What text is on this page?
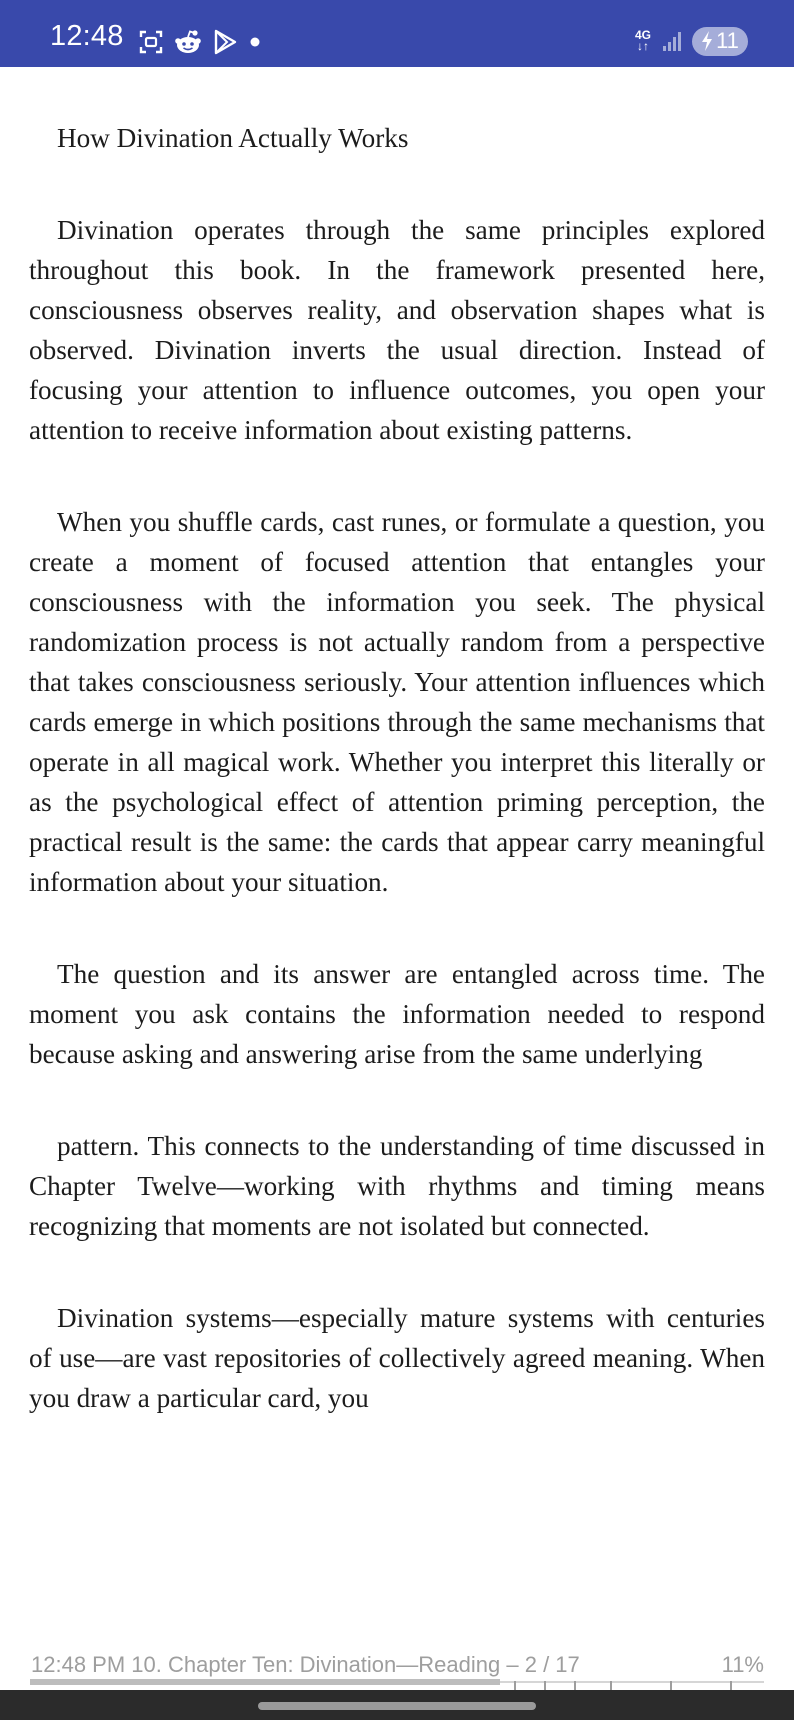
12:48	4G
↓↑	11
How Divination Actually Works

Divination operates through the same principles explored throughout this book. In the framework presented here, consciousness observes reality, and observation shapes what is observed. Divination inverts the usual direction. Instead of focusing your attention to influence outcomes, you open your attention to receive information about existing patterns.

When you shuffle cards, cast runes, or formulate a question, you create a moment of focused attention that entangles your consciousness with the information you seek. The physical randomization process is not actually random from a perspective that takes consciousness seriously. Your attention influences which cards emerge in which positions through the same mechanisms that operate in all magical work. Whether you interpret this literally or as the psychological effect of attention priming perception, the practical result is the same: the cards that appear carry meaningful information about your situation.

The question and its answer are entangled across time. The moment you ask contains the information needed to respond because asking and answering arise from the same underlying

pattern. This connects to the understanding of time discussed in Chapter Twelve—working with rhythms and timing means recognizing that moments are not isolated but connected.

Divination systems—especially mature systems with centuries of use—are vast repositories of collectively agreed meaning. When you draw a particular card, you

12:48 PM 10. Chapter Ten: Divination—Reading – 2 / 17	11%
